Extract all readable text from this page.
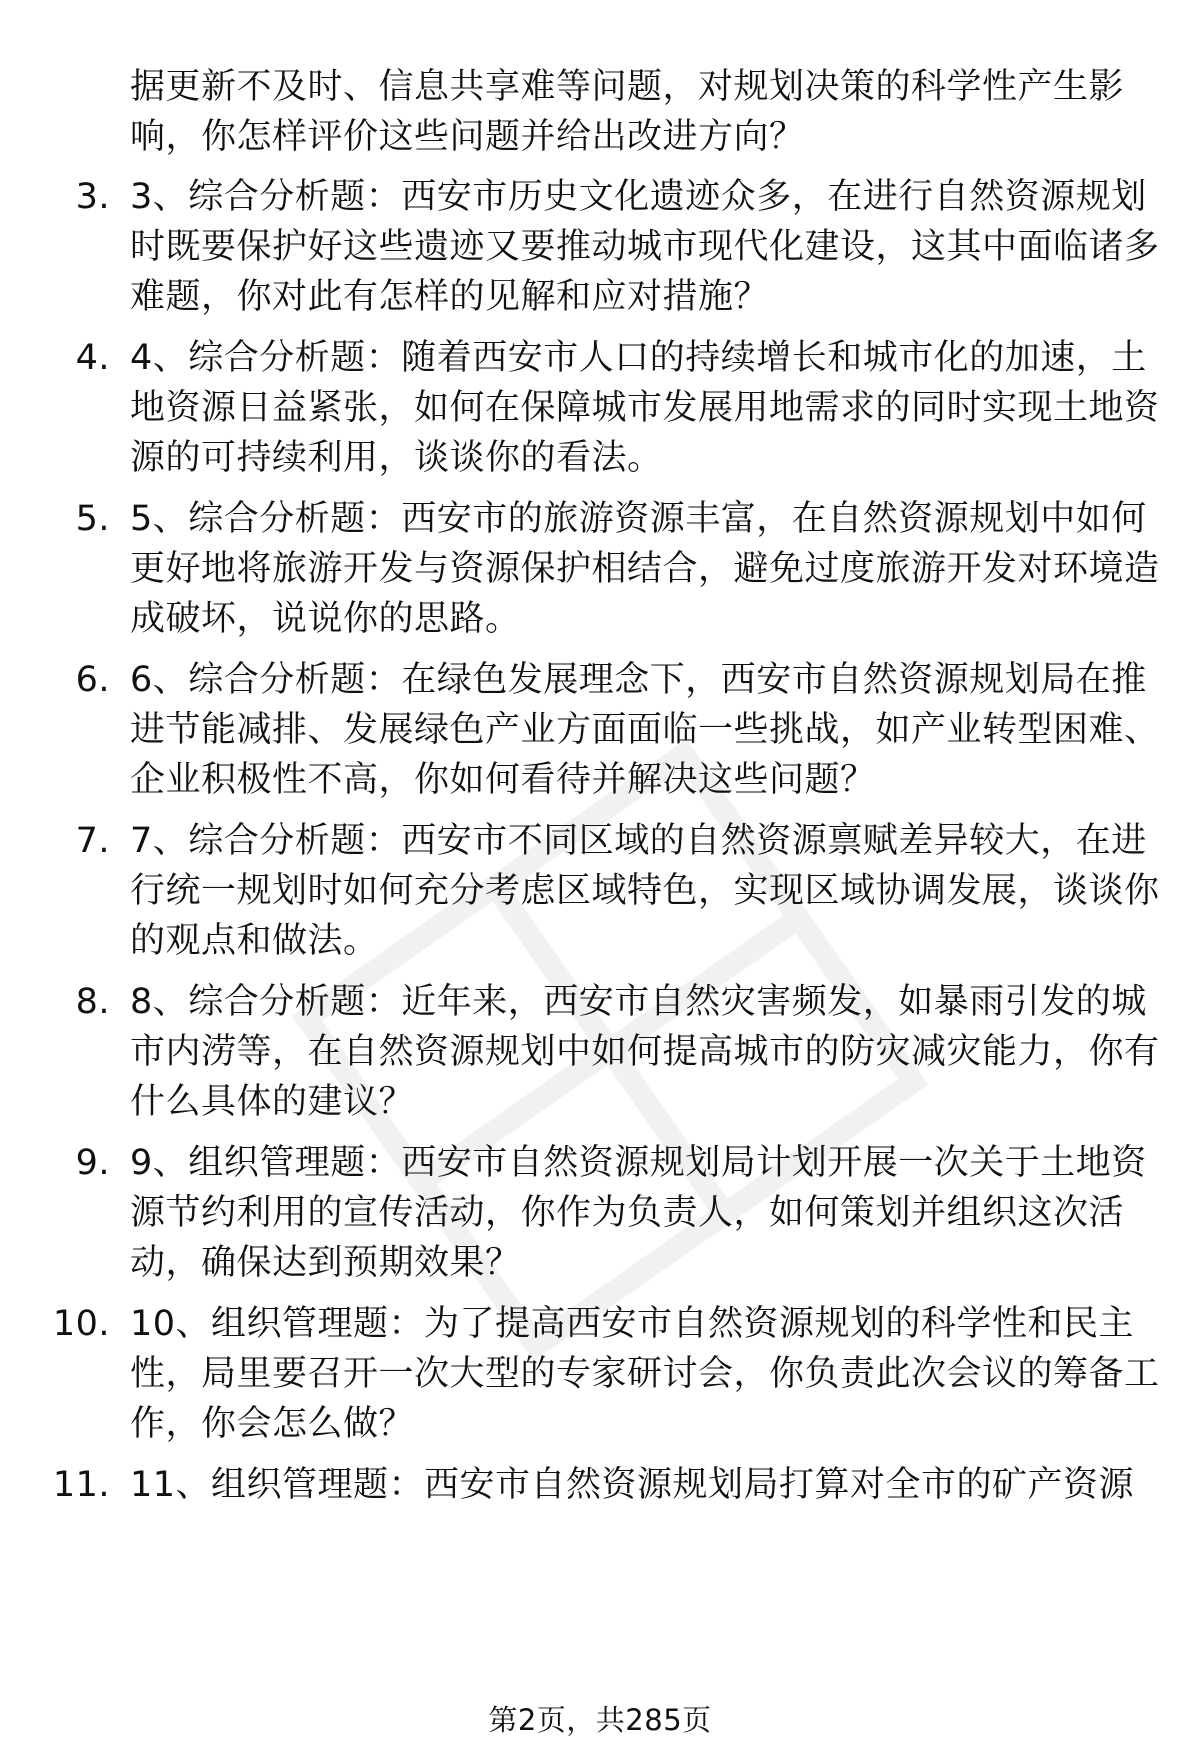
据更新不及时、信息共享难等问题，对规划决策的科学性产生影响，你怎样评价这些问题并给出改进方向？
3. 3、综合分析题：西安市历史文化遗迹众多，在进行自然资源规划时既要保护好这些遗迹又要推动城市现代化建设，这其中面临诸多难题，你对此有怎样的见解和应对措施？
4. 4、综合分析题：随着西安市人口的持续增长和城市化的加速，土地资源日益紧张，如何在保障城市发展用地需求的同时实现土地资源的可持续利用，谈谈你的看法。
5. 5、综合分析题：西安市的旅游资源丰富，在自然资源规划中如何更好地将旅游开发与资源保护相结合，避免过度旅游开发对环境造成破坏，说说你的思路。
6. 6、综合分析题：在绿色发展理念下，西安市自然资源规划局在推进节能减排、发展绿色产业方面面临一些挑战，如产业转型困难、企业积极性不高，你如何看待并解决这些问题？
7. 7、综合分析题：西安市不同区域的自然资源禀赋差异较大，在进行统一规划时如何充分考虑区域特色，实现区域协调发展，谈谈你的观点和做法。
8. 8、综合分析题：近年来，西安市自然灾害频发，如暴雨引发的城市内涝等，在自然资源规划中如何提高城市的防灾减灾能力，你有什么具体的建议？
9. 9、组织管理题：西安市自然资源规划局计划开展一次关于土地资源节约利用的宣传活动，你作为负责人，如何策划并组织这次活动，确保达到预期效果？
10. 10、组织管理题：为了提高西安市自然资源规划的科学性和民主性，局里要召开一次大型的专家研讨会，你负责此次会议的筹备工作，你会怎么做？
11. 11、组织管理题：西安市自然资源规划局打算对全市的矿产资源
第2页，共285页
